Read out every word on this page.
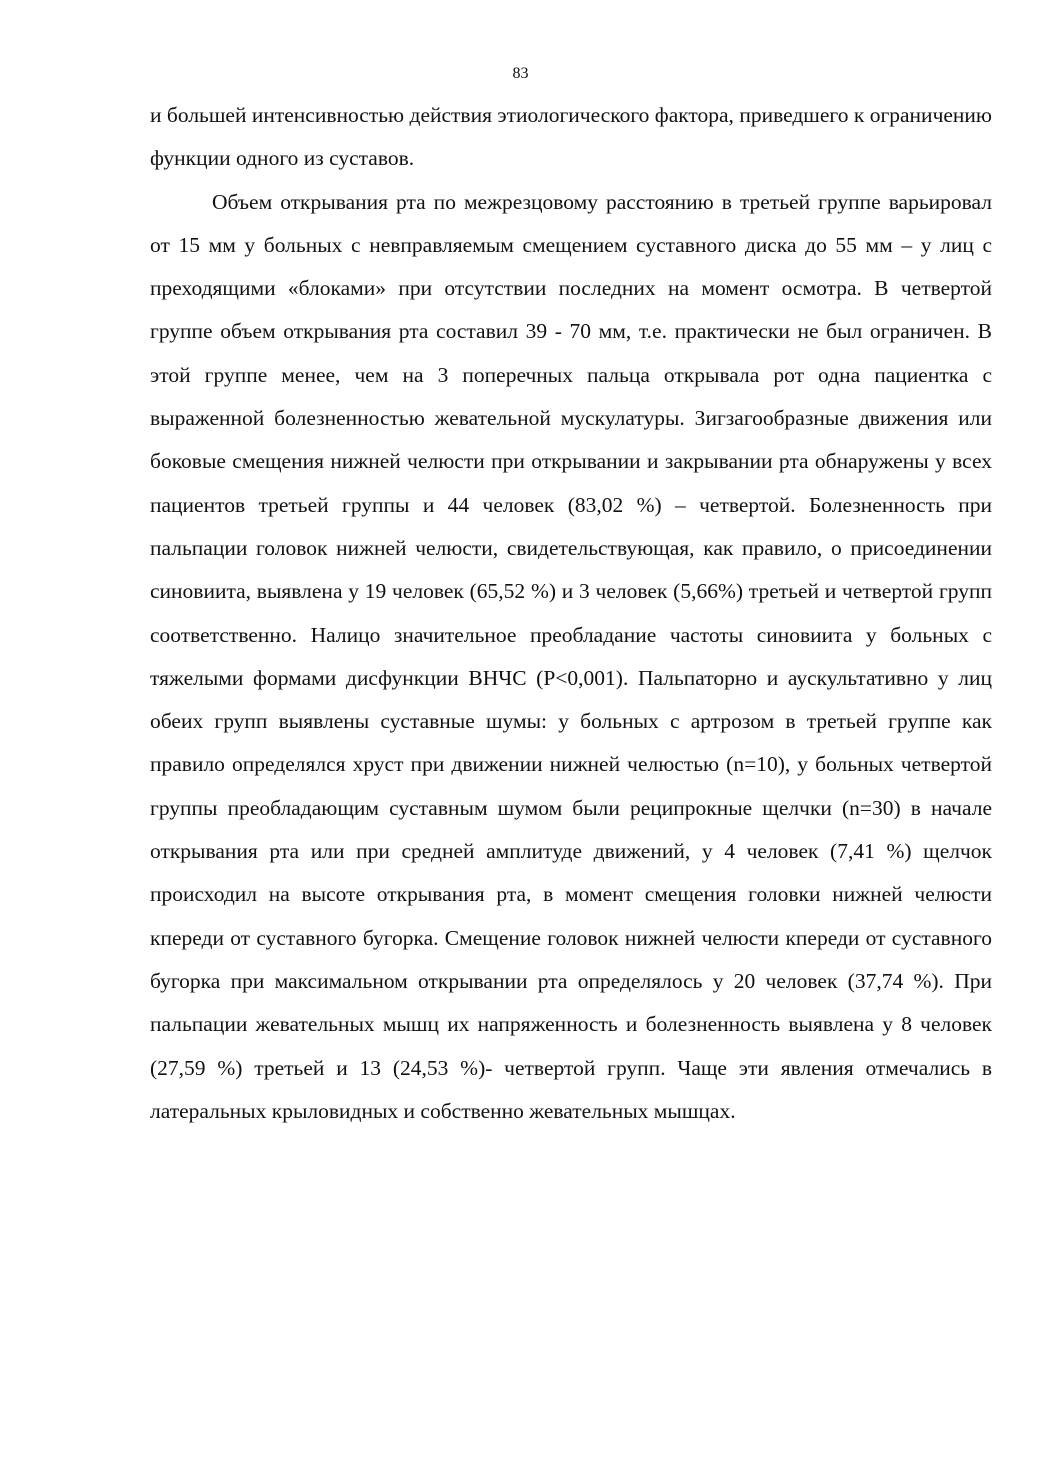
83

и большей интенсивностью действия этиологического фактора, приведшего к ограничению функции одного из суставов.

Объем открывания рта по межрезцовому расстоянию в третьей группе варьировал от 15 мм у больных с невправляемым смещением суставного диска до 55 мм – у лиц с преходящими «блоками» при отсутствии последних на момент осмотра. В четвертой группе объем открывания рта составил 39 - 70 мм, т.е. практически не был ограничен. В этой группе менее, чем на 3 поперечных пальца открывала рот одна пациентка с выраженной болезненностью жевательной мускулатуры. Зигзагообразные движения или боковые смещения нижней челюсти при открывании и закрывании рта обнаружены у всех пациентов третьей группы и 44 человек (83,02 %) – четвертой. Болезненность при пальпации головок нижней челюсти, свидетельствующая, как правило, о присоединении синовиита, выявлена у 19 человек (65,52 %) и 3 человек (5,66%) третьей и четвертой групп соответственно. Налицо значительное преобладание частоты синовиита у больных с тяжелыми формами дисфункции ВНЧС (P<0,001). Пальпаторно и аускультативно у лиц обеих групп выявлены суставные шумы: у больных с артрозом в третьей группе как правило определялся хруст при движении нижней челюстью (n=10), у больных четвертой группы преобладающим суставным шумом были реципрокные щелчки (n=30) в начале открывания рта или при средней амплитуде движений, у 4 человек (7,41 %) щелчок происходил на высоте открывания рта, в момент смещения головки нижней челюсти кпереди от суставного бугорка. Смещение головок нижней челюсти кпереди от суставного бугорка при максимальном открывании рта определялось у 20 человек (37,74 %). При пальпации жевательных мышц их напряженность и болезненность выявлена у 8 человек (27,59 %) третьей и 13 (24,53 %)- четвертой групп. Чаще эти явления отмечались в латеральных крыловидных и собственно жевательных мышцах.
